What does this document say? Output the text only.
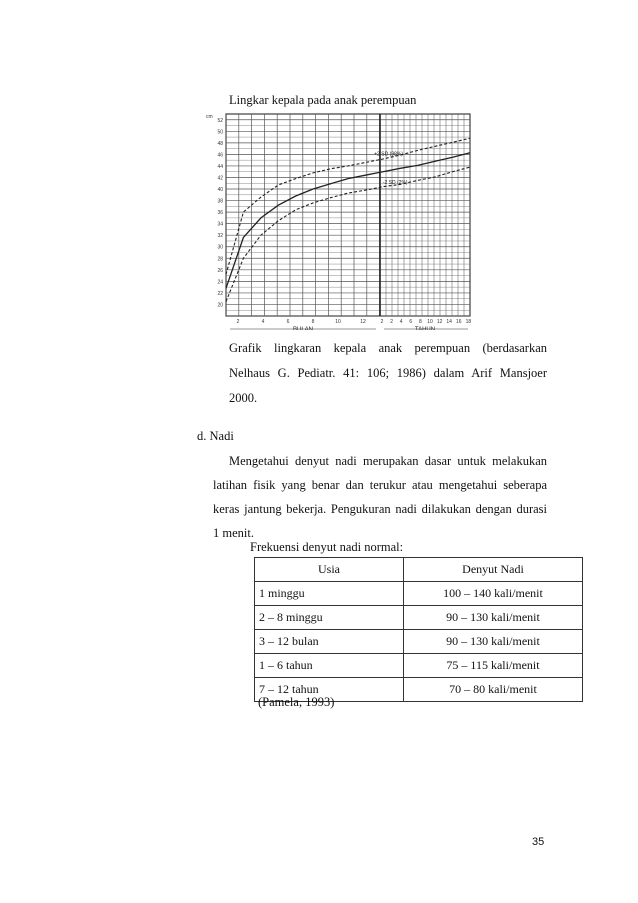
Lingkar kepala pada anak perempuan
52
50
48
46
44
42
40
38
36
34
32
30
28
26
24
22
20
cm
2	4	6	8	10	12	2 2 4 6 8 10 12 14 16 18
BULAN	TAHUN
+2 SD (98%)
-2 SD (2%)
Grafik lingkaran kepala anak perempuan (berdasarkan
Nelhaus G. Pediatr. 41: 106; 1986) dalam Arif Mansjoer
2000.
d. Nadi
Mengetahui denyut nadi merupakan dasar untuk melakukan
latihan fisik yang benar dan terukur atau mengetahui seberapa
keras jantung bekerja. Pengukuran nadi dilakukan dengan durasi
1 menit.
Frekuensi denyut nadi normal:
Usia	Denyut Nadi
1 minggu	100 – 140 kali/menit
2 – 8 minggu	90 – 130 kali/menit
3 – 12 bulan	90 – 130 kali/menit
1 – 6 tahun	75 – 115 kali/menit
7 – 12 tahun	70 – 80 kali/menit
(Pamela, 1993)
35
